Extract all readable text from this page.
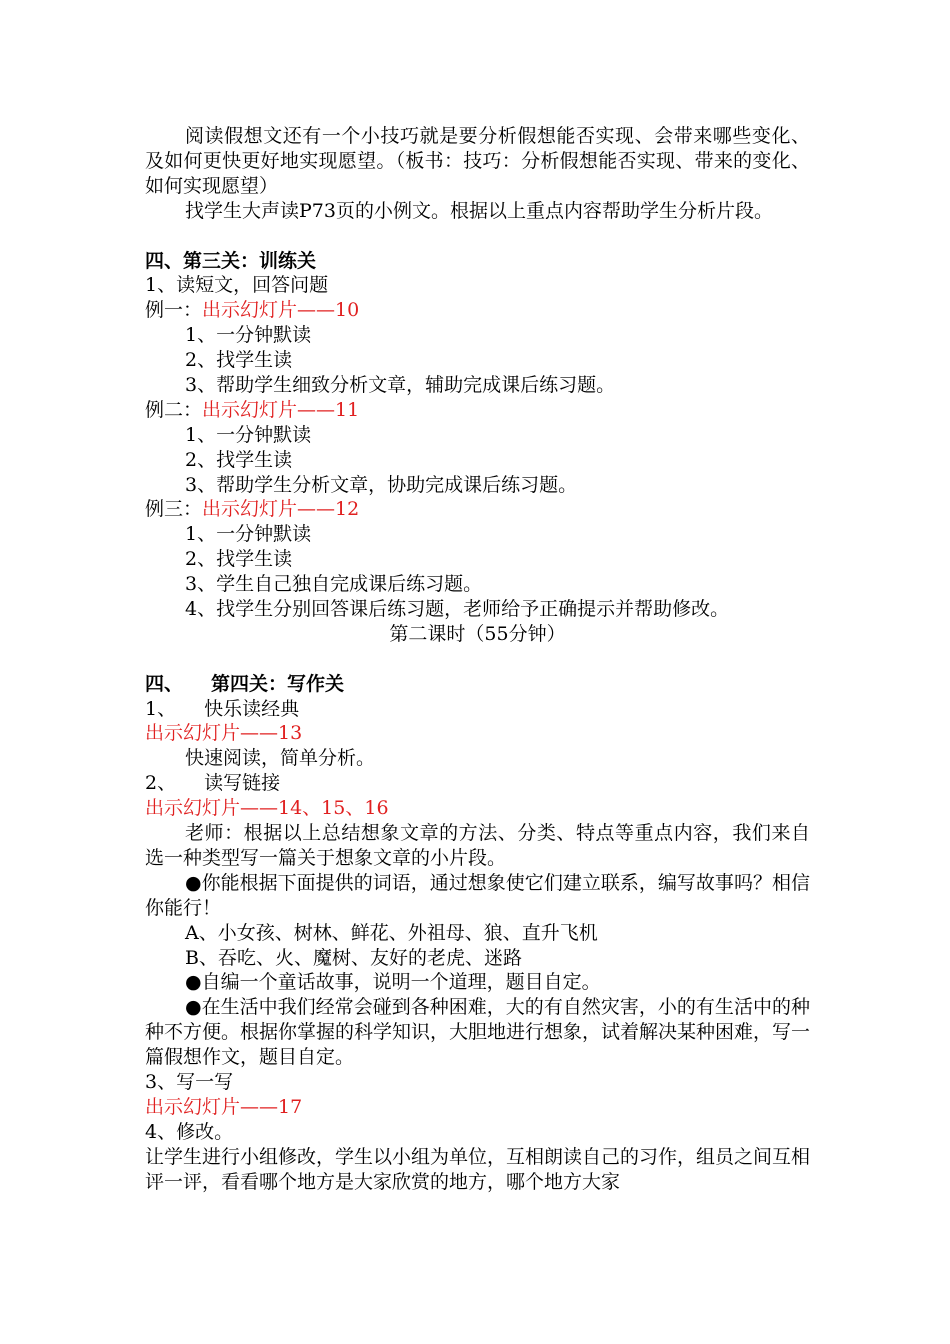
阅读假想文还有一个小技巧就是要分析假想能否实现、会带来哪些变化、及如何更快更好地实现愿望。（板书：技巧：分析假想能否实现、带来的变化、如何实现愿望）
找学生大声读P73页的小例文。根据以上重点内容帮助学生分析片段。
四、第三关：训练关
1、读短文，回答问题
例一：出示幻灯片——10
1、一分钟默读
2、找学生读
3、帮助学生细致分析文章，辅助完成课后练习题。
例二：出示幻灯片——11
1、一分钟默读
2、找学生读
3、帮助学生分析文章，协助完成课后练习题。
例三：出示幻灯片——12
1、一分钟默读
2、找学生读
3、学生自己独自完成课后练习题。
4、找学生分别回答课后练习题，老师给予正确提示并帮助修改。
第二课时（55分钟）
四、 第四关：写作关
1、 快乐读经典
出示幻灯片——13
快速阅读，简单分析。
2、 读写链接
出示幻灯片——14、15、16
老师：根据以上总结想象文章的方法、分类、特点等重点内容，我们来自选一种类型写一篇关于想象文章的小片段。
●你能根据下面提供的词语，通过想象使它们建立联系，编写故事吗？相信你能行！
A、小女孩、树林、鲜花、外祖母、狼、直升飞机
B、吞吃、火、魔树、友好的老虎、迷路
●自编一个童话故事，说明一个道理，题目自定。
●在生活中我们经常会碰到各种困难，大的有自然灾害，小的有生活中的种种不方便。根据你掌握的科学知识，大胆地进行想象，试着解决某种困难，写一篇假想作文，题目自定。
3、写一写
出示幻灯片——17
4、修改。
让学生进行小组修改，学生以小组为单位，互相朗读自己的习作，组员之间互相评一评，看看哪个地方是大家欣赏的地方，哪个地方大家
